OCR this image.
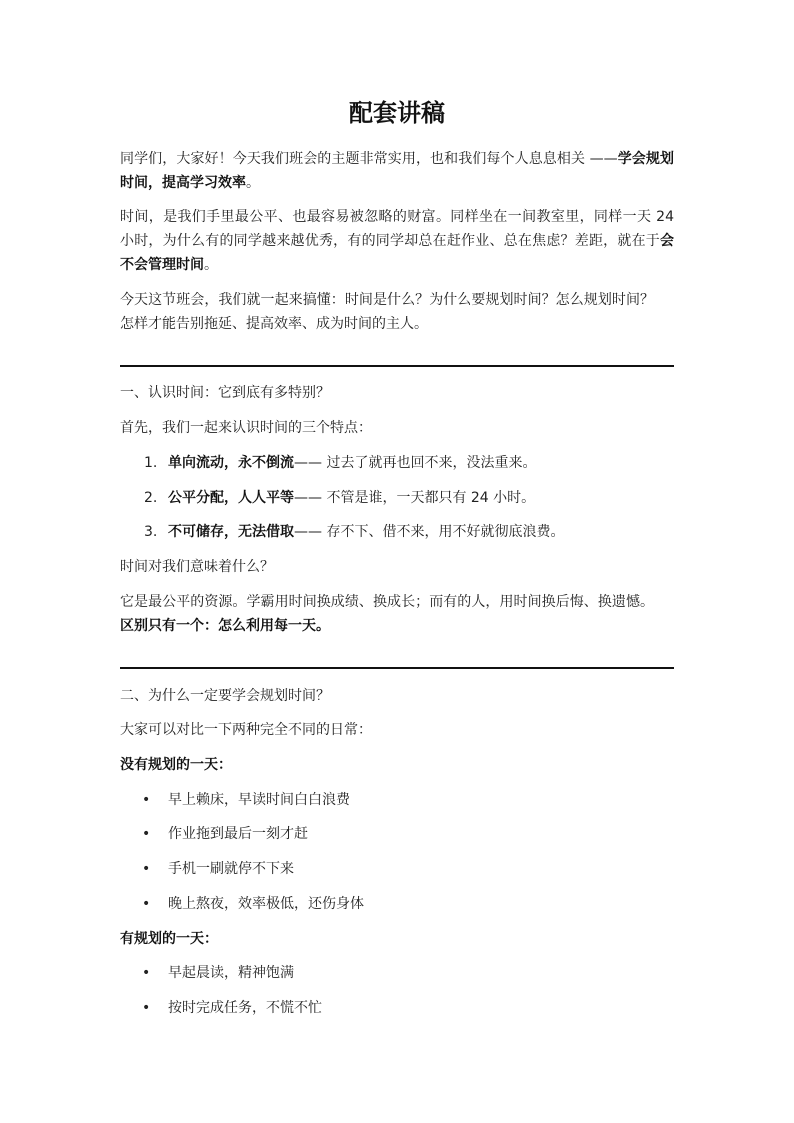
配套讲稿

同学们，大家好！今天我们班会的主题非常实用，也和我们每个人息息相关 ——学会规划时间，提高学习效率。

时间，是我们手里最公平、也最容易被忽略的财富。同样坐在一间教室里，同样一天 24 小时，为什么有的同学越来越优秀，有的同学却总在赶作业、总在焦虑？差距，就在于会不会管理时间。

今天这节班会，我们就一起来搞懂：时间是什么？为什么要规划时间？怎么规划时间？怎样才能告别拖延、提高效率、成为时间的主人。

一、认识时间：它到底有多特别？

首先，我们一起来认识时间的三个特点：

1. 单向流动，永不倒流—— 过去了就再也回不来，没法重来。

2. 公平分配，人人平等—— 不管是谁，一天都只有 24 小时。

3. 不可储存，无法借取—— 存不下、借不来，用不好就彻底浪费。

时间对我们意味着什么？

它是最公平的资源。学霸用时间换成绩、换成长；而有的人，用时间换后悔、换遗憾。区别只有一个：怎么利用每一天。

二、为什么一定要学会规划时间？

大家可以对比一下两种完全不同的日常：

没有规划的一天：

• 早上赖床，早读时间白白浪费
• 作业拖到最后一刻才赶
• 手机一刷就停不下来
• 晚上熬夜，效率极低，还伤身体

有规划的一天：

• 早起晨读，精神饱满
• 按时完成任务，不慌不忙
